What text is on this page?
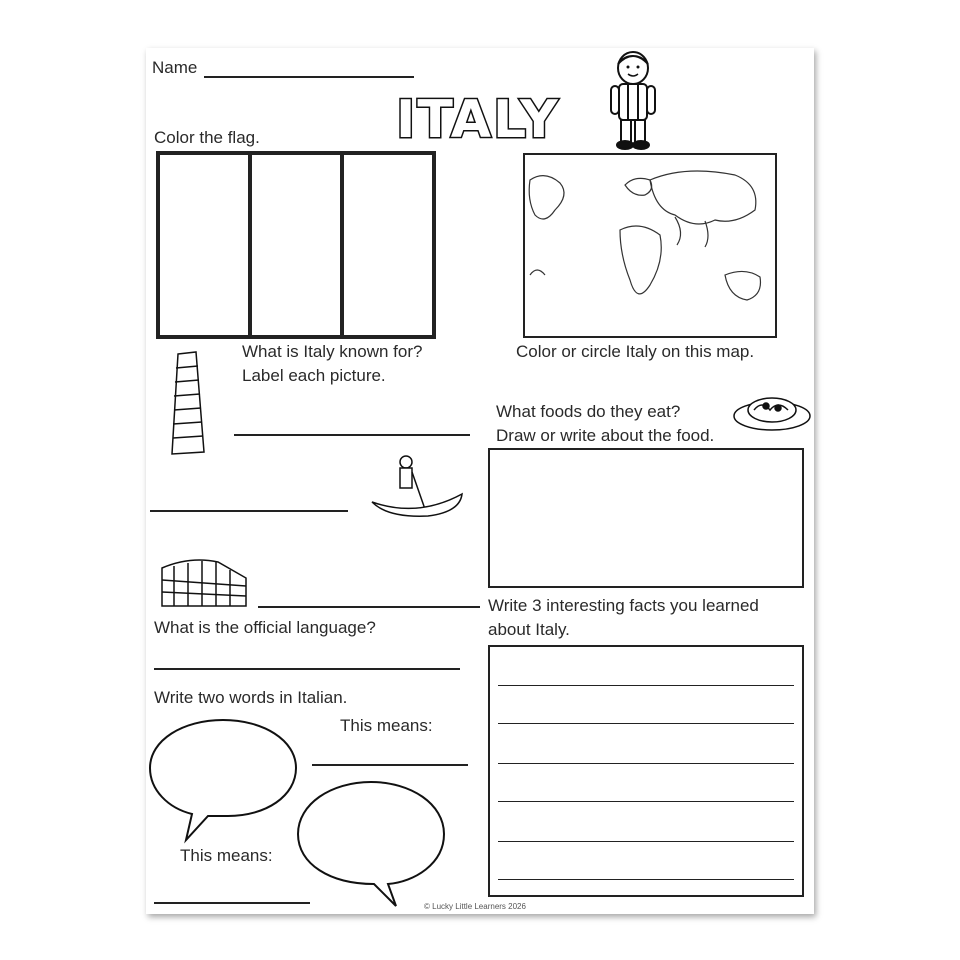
Name
ITALY
Color the flag.
Color or circle Italy on this map.
What is Italy known for?
Label each picture.
What foods do they eat?
Draw or write about the food.
Write 3 interesting facts you learned
about Italy.
What is the official language?
Write two words in Italian.
This means:
This means:
© Lucky Little Learners 2026
